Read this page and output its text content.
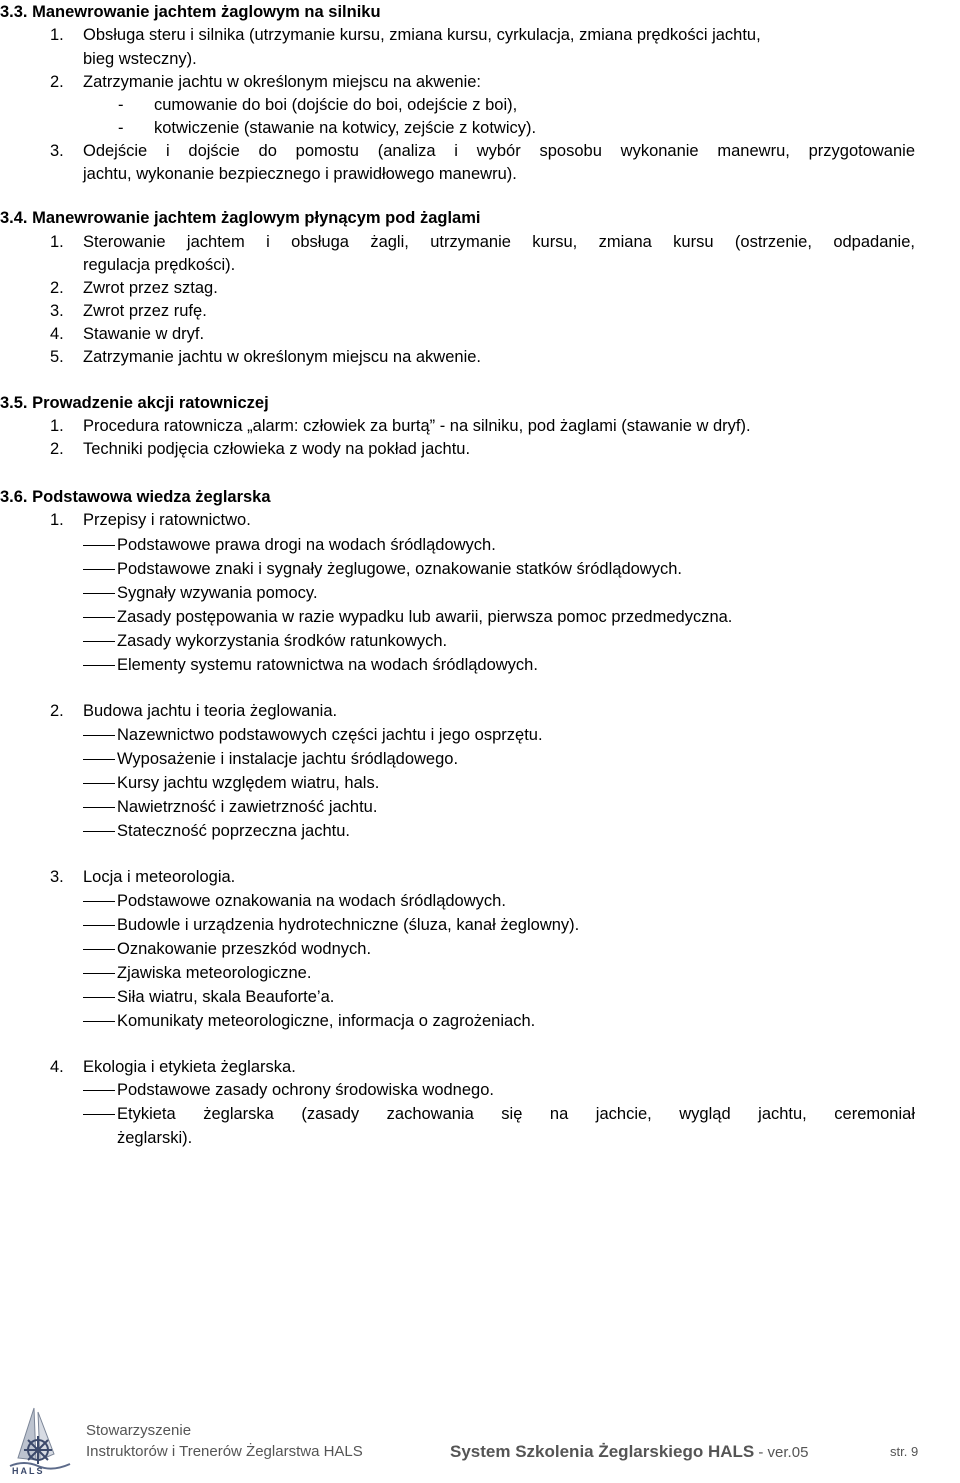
3.3. Manewrowanie jachtem żaglowym na silniku
1. Obsługa steru i silnika (utrzymanie kursu, zmiana kursu, cyrkulacja, zmiana prędkości jachtu,
bieg wsteczny).
2. Zatrzymanie jachtu w określonym miejscu na akwenie:
- cumowanie do boi (dojście do boi, odejście z boi),
- kotwiczenie (stawanie na kotwicy, zejście z kotwicy).
3. Odejście i dojście do pomostu (analiza i wybór sposobu wykonanie manewru, przygotowanie
jachtu, wykonanie bezpiecznego i prawidłowego manewru).
3.4. Manewrowanie jachtem żaglowym płynącym pod żaglami
1. Sterowanie jachtem i obsługa żagli, utrzymanie kursu, zmiana kursu (ostrzenie, odpadanie,
regulacja prędkości).
2. Zwrot przez sztag.
3. Zwrot przez rufę.
4. Stawanie w dryf.
5. Zatrzymanie jachtu w określonym miejscu na akwenie.
3.5. Prowadzenie akcji ratowniczej
1. Procedura ratownicza „alarm: człowiek za burtą” - na silniku, pod żaglami (stawanie w dryf).
2. Techniki podjęcia człowieka z wody na pokład jachtu.
3.6. Podstawowa wiedza żeglarska
1. Przepisy i ratownictwo.
Podstawowe prawa drogi na wodach śródlądowych.
Podstawowe znaki i sygnały żeglugowe, oznakowanie statków śródlądowych.
Sygnały wzywania pomocy.
Zasady postępowania w razie wypadku lub awarii, pierwsza pomoc przedmedyczna.
Zasady wykorzystania środków ratunkowych.
Elementy systemu ratownictwa na wodach śródlądowych.
2. Budowa jachtu i teoria żeglowania.
Nazewnictwo podstawowych części jachtu i jego osprzętu.
Wyposażenie i instalacje jachtu śródlądowego.
Kursy jachtu względem wiatru, hals.
Nawietrzność i zawietrzność jachtu.
Stateczność poprzeczna jachtu.
3. Locja i meteorologia.
Podstawowe oznakowania na wodach śródlądowych.
Budowle i urządzenia hydrotechniczne (śluza, kanał żeglowny).
Oznakowanie przeszkód wodnych.
Zjawiska meteorologiczne.
Siła wiatru, skala Beauforte’a.
Komunikaty meteorologiczne, informacja o zagrożeniach.
4. Ekologia i etykieta żeglarska.
Podstawowe zasady ochrony środowiska wodnego.
Etykieta żeglarska (zasady zachowania się na jachcie, wygląd jachtu, ceremoniał
żeglarski).
HALS
Stowarzyszenie
Instruktorów i Trenerów Żeglarstwa HALS	System Szkolenia Żeglarskiego HALS - ver.05	str. 9
